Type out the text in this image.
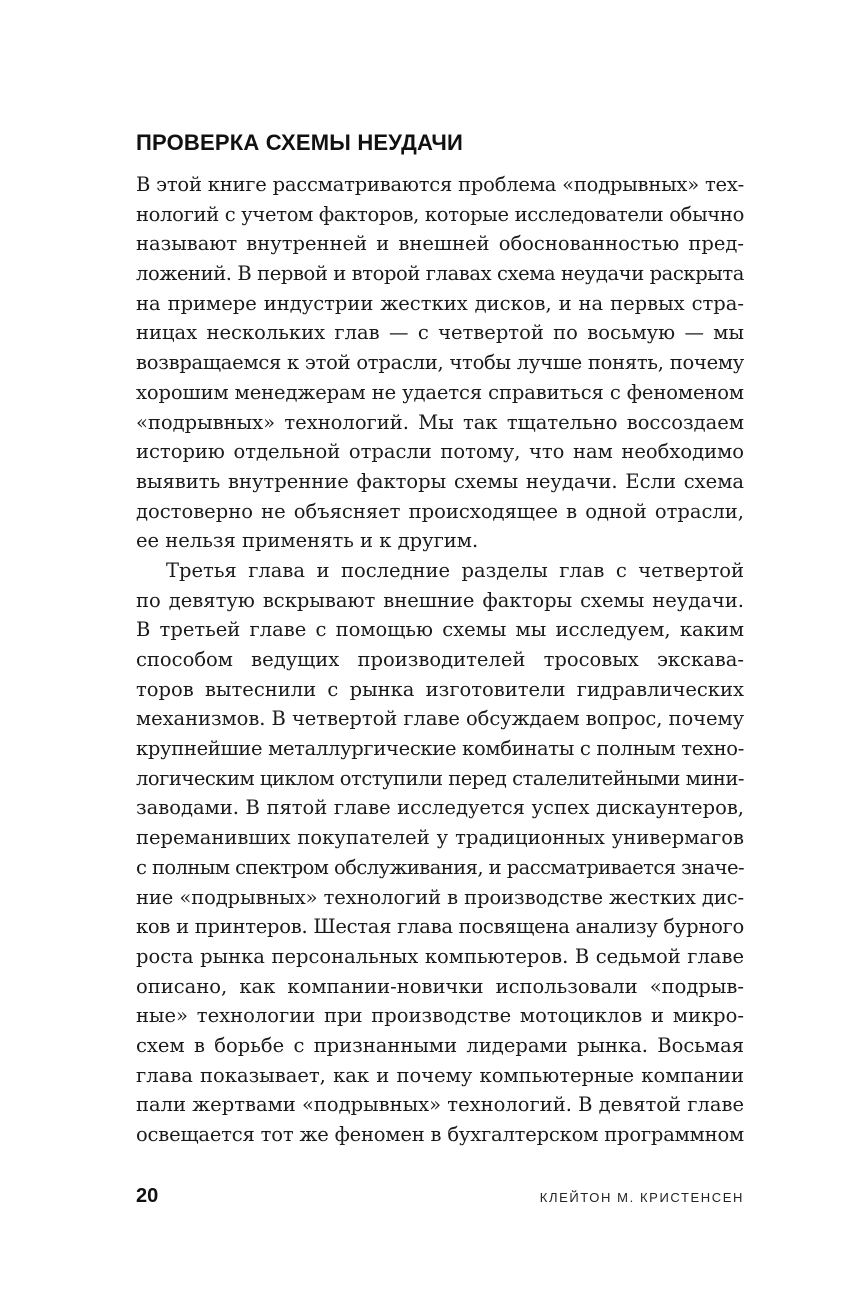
ПРОВЕРКА СХЕМЫ НЕУДАЧИ
В этой книге рассматриваются проблема «подрывных» тех-
нологий с учетом факторов, которые исследователи обычно
называют внутренней и внешней обоснованностью пред-
ложений. В первой и второй главах схема неудачи раскрыта
на примере индустрии жестких дисков, и на первых стра-
ницах нескольких глав — с четвертой по восьмую — мы
возвращаемся к этой отрасли, чтобы лучше понять, почему
хорошим менеджерам не удается справиться с феноменом
«подрывных» технологий. Мы так тщательно воссоздаем
историю отдельной отрасли потому, что нам необходимо
выявить внутренние факторы схемы неудачи. Если схема
достоверно не объясняет происходящее в одной отрасли,
ее нельзя применять и к другим.
Третья глава и последние разделы глав с четвертой
по девятую вскрывают внешние факторы схемы неудачи.
В третьей главе с помощью схемы мы исследуем, каким
способом ведущих производителей тросовых экскава-
торов вытеснили с рынка изготовители гидравлических
механизмов. В четвертой главе обсуждаем вопрос, почему
крупнейшие металлургические комбинаты с полным техно-
логическим циклом отступили перед сталелитейными мини-
заводами. В пятой главе исследуется успех дискаунтеров,
переманивших покупателей у традиционных универмагов
с полным спектром обслуживания, и рассматривается значе-
ние «подрывных» технологий в производстве жестких дис-
ков и принтеров. Шестая глава посвящена анализу бурного
роста рынка персональных компьютеров. В седьмой главе
описано, как компании-новички использовали «подрыв-
ные» технологии при производстве мотоциклов и микро-
схем в борьбе с признанными лидерами рынка. Восьмая
глава показывает, как и почему компьютерные компании
пали жертвами «подрывных» технологий. В девятой главе
освещается тот же феномен в бухгалтерском программном
20	КЛЕЙТОН М. КРИСТЕНСЕН
